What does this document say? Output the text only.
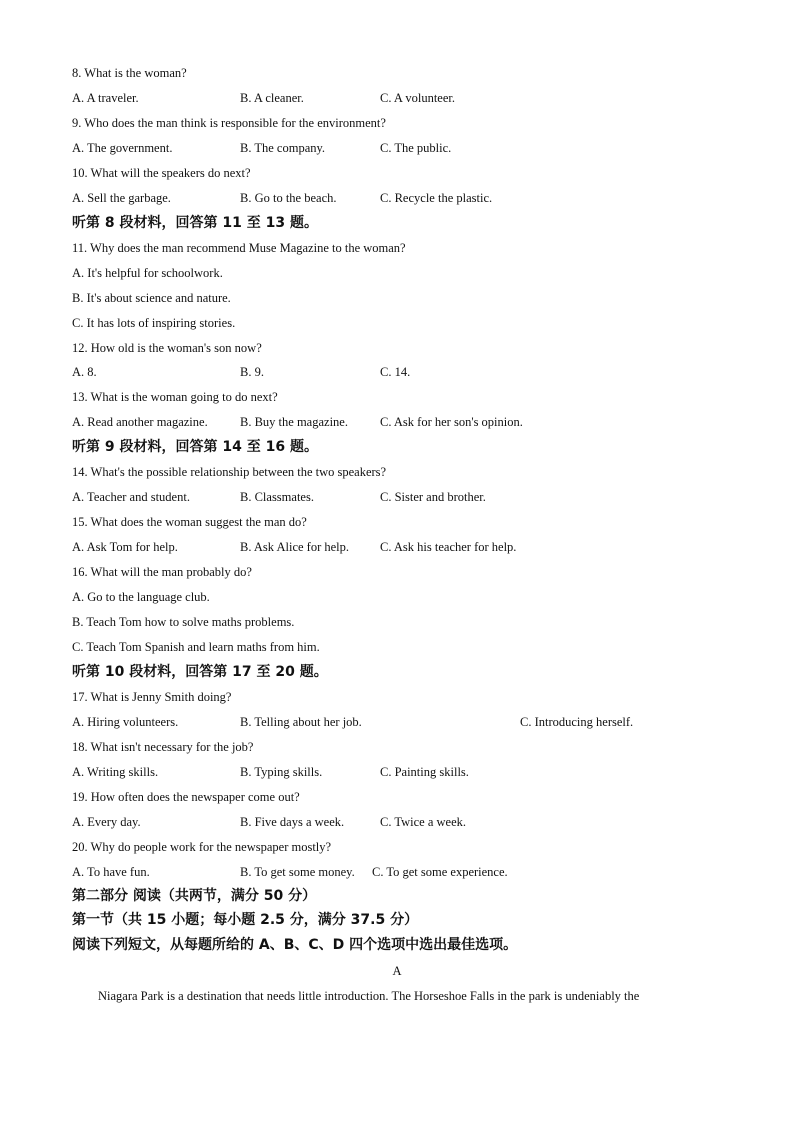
8. What is the woman?
A. A traveler.	B. A cleaner.	C. A volunteer.
9. Who does the man think is responsible for the environment?
A. The government.	B. The company.	C. The public.
10. What will the speakers do next?
A. Sell the garbage.	B. Go to the beach.	C. Recycle the plastic.
听第 8 段材料，回答第 11 至 13 题。
11. Why does the man recommend Muse Magazine to the woman?
A. It's helpful for schoolwork.
B. It's about science and nature.
C. It has lots of inspiring stories.
12. How old is the woman's son now?
A. 8.	B. 9.	C. 14.
13. What is the woman going to do next?
A. Read another magazine.	B. Buy the magazine.	C. Ask for her son's opinion.
听第 9 段材料，回答第 14 至 16 题。
14. What's the possible relationship between the two speakers?
A. Teacher and student.	B. Classmates.	C. Sister and brother.
15. What does the woman suggest the man do?
A. Ask Tom for help.	B. Ask Alice for help. C. Ask his teacher for help.
16. What will the man probably do?
A. Go to the language club.
B. Teach Tom how to solve maths problems.
C. Teach Tom Spanish and learn maths from him.
听第 10 段材料，回答第 17 至 20 题。
17. What is Jenny Smith doing?
A. Hiring volunteers.	B. Telling about her job.	C. Introducing herself.
18. What isn't necessary for the job?
A. Writing skills.	B. Typing skills.	C. Painting skills.
19. How often does the newspaper come out?
A. Every day.	B. Five days a week.	C. Twice a week.
20. Why do people work for the newspaper mostly?
A. To have fun.	B. To get some money. C. To get some experience.
第二部分 阅读（共两节，满分 50 分）
第一节（共 15 小题；每小题 2.5 分，满分 37.5 分）
阅读下列短文，从每题所给的 A、B、C、D 四个选项中选出最佳选项。
A
Niagara Park is a destination that needs little introduction. The Horseshoe Falls in the park is undeniably the
